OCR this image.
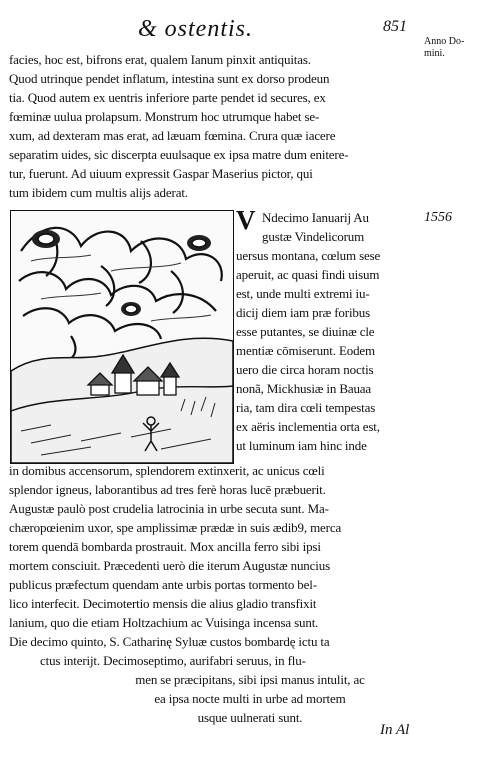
& ostentis.	851
Anno Do-
mini.
facies, hoc est, bifrons erat, qualem Ianum pinxit antiquitas.
Quod utrinque pendet inflatum, intestina sunt ex dorso prodeun
tia. Quod autem ex uentris inferiore parte pendet id secures, ex
fœminæ uulua prolapsum. Monstrum hoc utrumque habet se-
xum, ad dexteram mas erat, ad læuam fœmina. Crura quæ iacere
separatim uides, sic discerpta euulsaque ex ipsa matre dum enitere-
tur, fuerunt. Ad uiuum expressit Gaspar Maserius pictor, qui
tum ibidem cum multis alijs aderat.
V	1556
Ndecimo Ianuarij Au
gustæ Vindelicorum
uersus montana, cœlum sese
aperuit, ac quasi findi uisum
est, unde multi extremi iu-
dicij diem iam præ foribus
esse putantes, se diuinæ cle
mentiæ cōmiserunt. Eodem
uero die circa horam noctis
nonã, Mickhusiæ in Bauaa
ria, tam dira cœli tempestas
ex aëris inclementia orta est,
ut luminum iam hinc inde
in domibus accensorum, splendorem extinxerit, ac unicus cœli
splendor igneus, laborantibus ad tres ferè horas lucē præbuerit.
Augustæ paulò post crudelia latrocinia in urbe secuta sunt. Ma-
chæropœienim uxor, spe amplissimæ prædæ in suis ædib9, merca
torem quendā bombarda prostrauit. Mox ancilla ferro sibi ipsi
mortem consciuit. Præcedenti uerò die iterum Augustæ nuncius
publicus præfectum quendam ante urbis portas tormento bel-
lico interfecit. Decimotertio mensis die alius gladio transfixit
lanium, quo die etiam Holtzachium ac Vuisinga incensa sunt.
Die decimo quinto, S. Catharinę Syluæ custos bombardę ictu ta
ctus interijt. Decimoseptimo, aurifabri seruus, in flu-
men se præcipitans, sibi ipsi manus intulit, ac
ea ipsa nocte multi in urbe ad mortem
usque uulnerati sunt.
In Al
